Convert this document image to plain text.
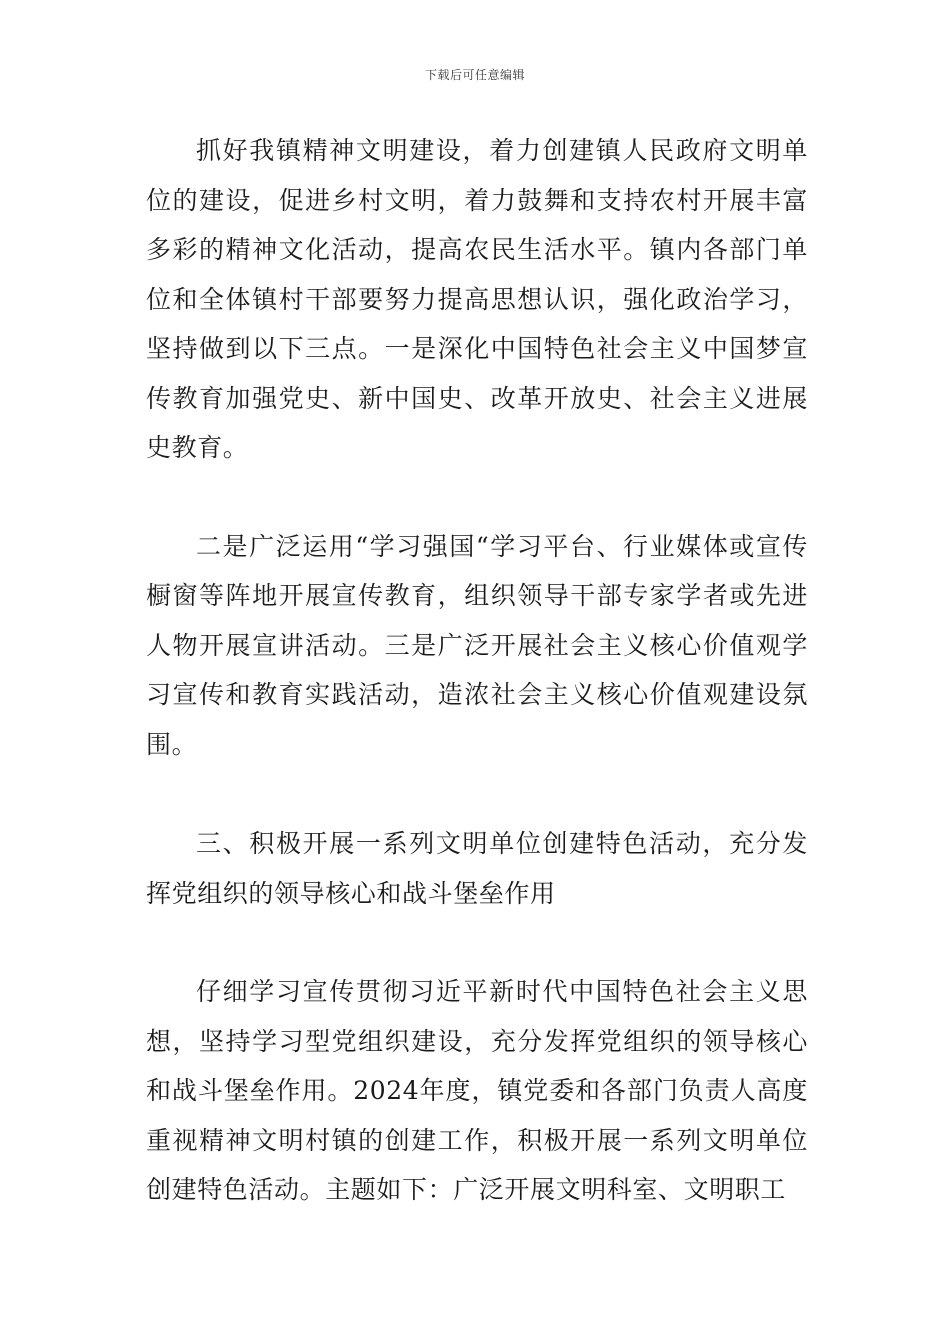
下载后可任意编辑

抓好我镇精神文明建设，着力创建镇人民政府文明单位的建设，促进乡村文明，着力鼓舞和支持农村开展丰富多彩的精神文化活动，提高农民生活水平。镇内各部门单位和全体镇村干部要努力提高思想认识，强化政治学习，坚持做到以下三点。一是深化中国特色社会主义中国梦宣传教育加强党史、新中国史、改革开放史、社会主义进展史教育。

二是广泛运用“学习强国“学习平台、行业媒体或宣传橱窗等阵地开展宣传教育，组织领导干部专家学者或先进人物开展宣讲活动。三是广泛开展社会主义核心价值观学习宣传和教育实践活动，造浓社会主义核心价值观建设氛围。

三、积极开展一系列文明单位创建特色活动，充分发挥党组织的领导核心和战斗堡垒作用

仔细学习宣传贯彻习近平新时代中国特色社会主义思想，坚持学习型党组织建设，充分发挥党组织的领导核心和战斗堡垒作用。2024年度，镇党委和各部门负责人高度重视精神文明村镇的创建工作，积极开展一系列文明单位创建特色活动。主题如下：广泛开展文明科室、文明职工
